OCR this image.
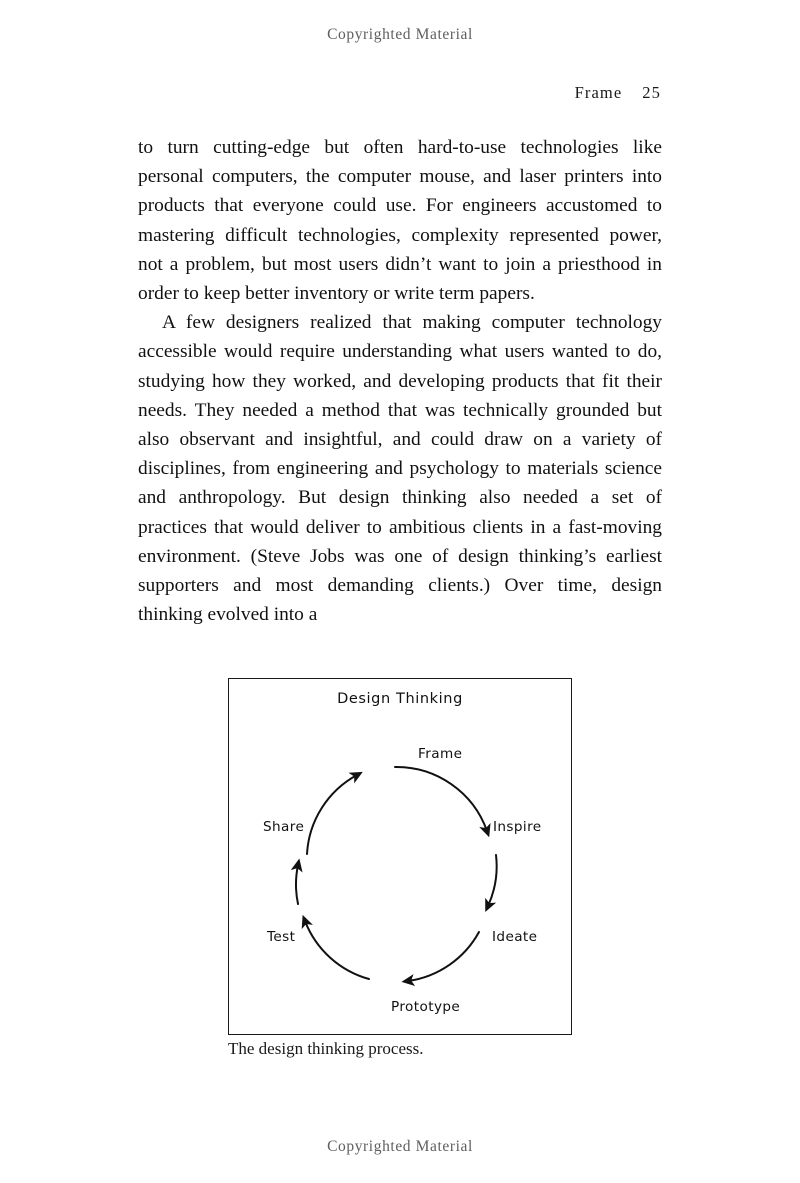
Copyrighted Material
Frame 25

to turn cutting-edge but often hard-to-use technologies like personal computers, the computer mouse, and laser printers into products that everyone could use. For engineers accustomed to mastering difficult technologies, complexity represented power, not a problem, but most users didn’t want to join a priesthood in order to keep better inventory or write term papers.

A few designers realized that making computer technology accessible would require understanding what users wanted to do, studying how they worked, and developing products that fit their needs. They needed a method that was technically grounded but also observant and insightful, and could draw on a variety of disciplines, from engineering and psychology to materials science and anthropology. But design thinking also needed a set of practices that would deliver to ambitious clients in a fast-moving environment. (Steve Jobs was one of design thinking’s earliest supporters and most demanding clients.) Over time, design thinking evolved into a

Design Thinking
Frame
Inspire
Ideate
Prototype
Test
Share
The design thinking process.
Copyrighted Material
